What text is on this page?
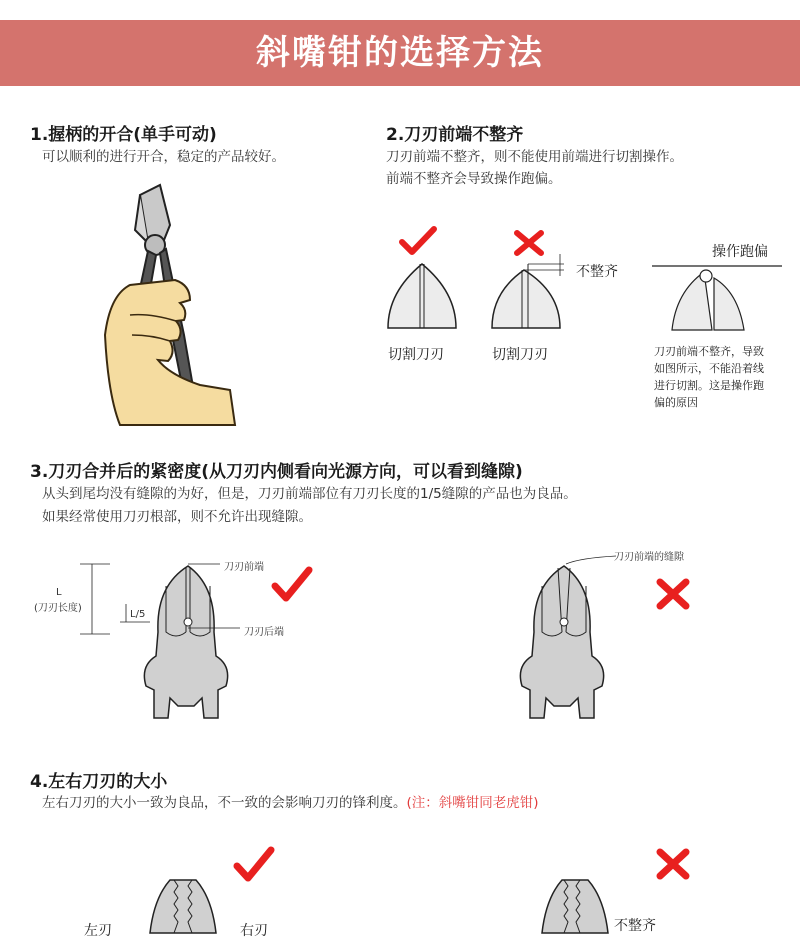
斜嘴钳的选择方法
1.握柄的开合(单手可动)
可以顺利的进行开合，稳定的产品较好。
2.刀刃前端不整齐
刀刃前端不整齐，则不能使用前端进行切割操作。
前端不整齐会导致操作跑偏。
不整齐
切割刀刃	切割刀刃
操作跑偏
刀刃前端不整齐，导致
如图所示，不能沿着线
进行切割。这是操作跑
偏的原因
3.刀刃合并后的紧密度(从刀刃内侧看向光源方向，可以看到缝隙)
从头到尾均没有缝隙的为好，但是，刀刃前端部位有刀刃长度的1/5缝隙的产品也为良品。
如果经常使用刀刃根部，则不允许出现缝隙。
L
(刀刃长度)
L/5
刀刃前端
刀刃后端
刀刃前端的缝隙
4.左右刀刃的大小
左右刀刃的大小一致为良品，不一致的会影响刀刃的锋利度。(注：斜嘴钳同老虎钳)
左刃	右刃	不整齐
